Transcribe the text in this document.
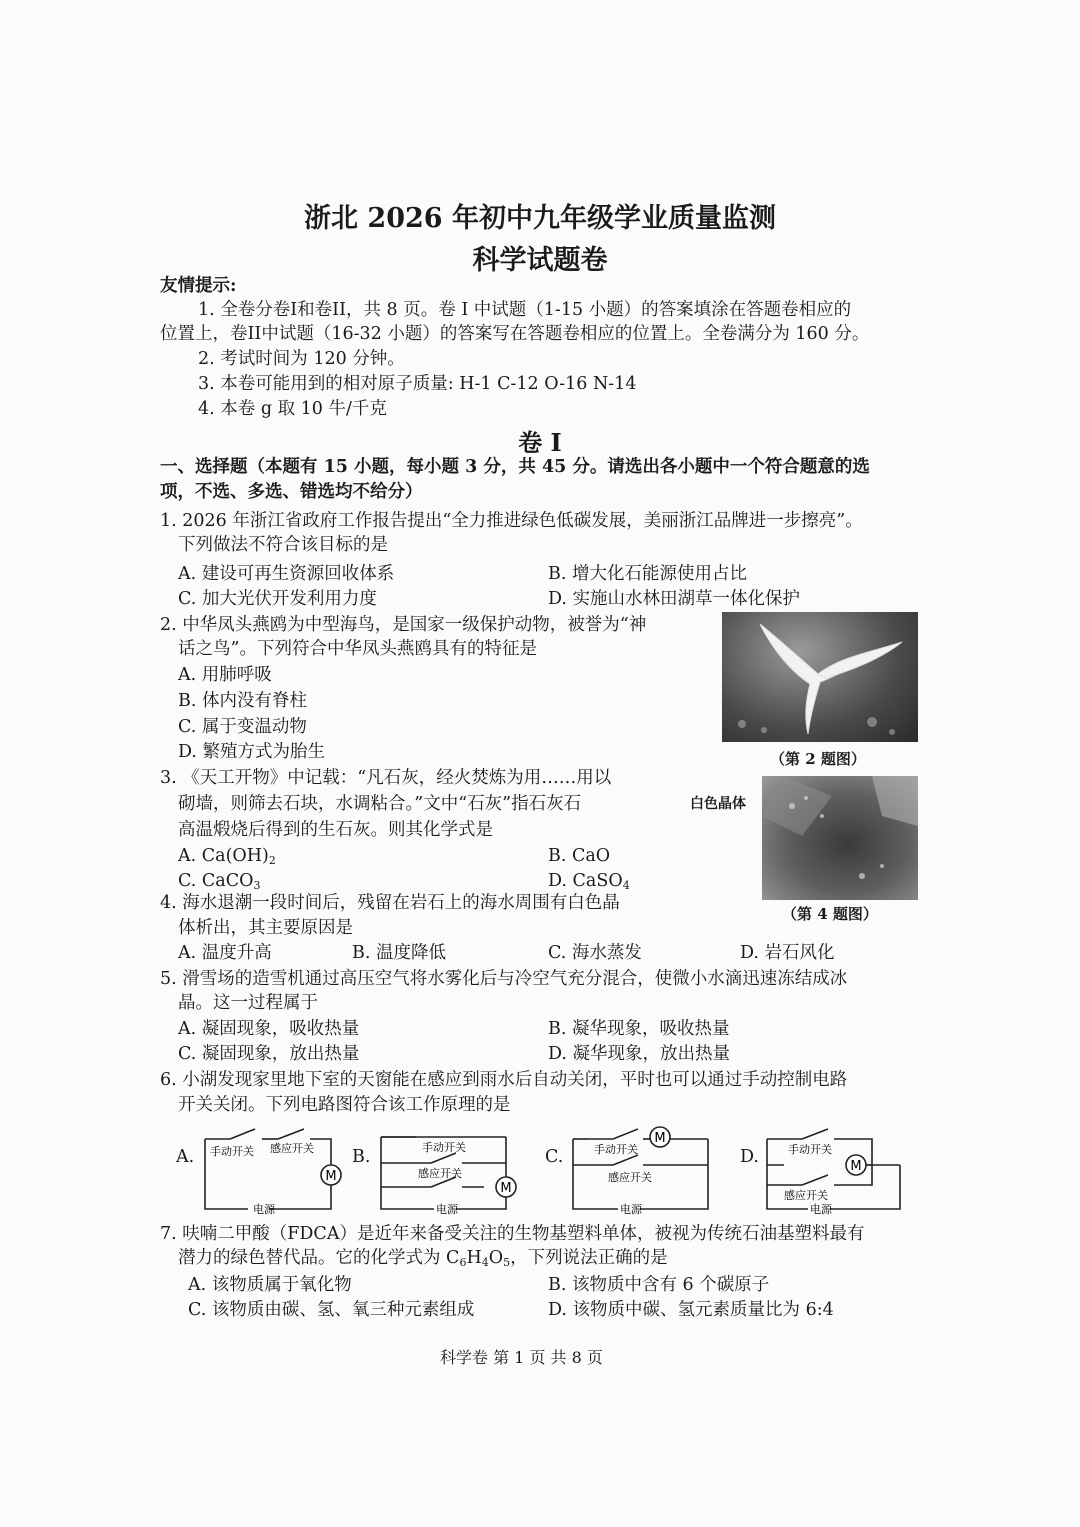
浙北 2026 年初中九年级学业质量监测
科学试题卷
友情提示:
1. 全卷分卷I和卷II，共 8 页。卷 I 中试题（1-15 小题）的答案填涂在答题卷相应的
位置上，卷II中试题（16-32 小题）的答案写在答题卷相应的位置上。全卷满分为 160 分。
2. 考试时间为 120 分钟。
3. 本卷可能用到的相对原子质量: H-1 C-12 O-16 N-14
4. 本卷 g 取 10 牛/千克
卷 I
一、选择题（本题有 15 小题，每小题 3 分，共 45 分。请选出各小题中一个符合题意的选
项，不选、多选、错选均不给分）
1. 2026 年浙江省政府工作报告提出“全力推进绿色低碳发展，美丽浙江品牌进一步擦亮”。
下列做法不符合该目标的是
A. 建设可再生资源回收体系	B. 增大化石能源使用占比
C. 加大光伏开发利用力度	D. 实施山水林田湖草一体化保护
2. 中华凤头燕鸥为中型海鸟，是国家一级保护动物，被誉为“神
话之鸟”。下列符合中华凤头燕鸥具有的特征是
A. 用肺呼吸
B. 体内没有脊柱
C. 属于变温动物
D. 繁殖方式为胎生	（第 2 题图）
3. 《天工开物》中记载：“凡石灰，经火焚炼为用……用以
砌墙，则筛去石块，水调粘合。”文中“石灰”指石灰石
高温煅烧后得到的生石灰。则其化学式是
A. $Ca(OH)_2$	B. CaO
C. CaCO$_3$	D. CaSO$_4$
白色晶体
（第 4 题图）
4. 海水退潮一段时间后，残留在岩石上的海水周围有白色晶
体析出，其主要原因是
A. 温度升高	B. 温度降低	C. 海水蒸发	D. 岩石风化
5. 滑雪场的造雪机通过高压空气将水雾化后与冷空气充分混合，使微小水滴迅速冻结成冰
晶。这一过程属于
A. 凝固现象，吸收热量	B. 凝华现象，吸收热量
C. 凝固现象，放出热量	D. 凝华现象，放出热量
6. 小湖发现家里地下室的天窗能在感应到雨水后自动关闭，平时也可以通过手动控制电路
开关关闭。下列电路图符合该工作原理的是
A.	B.	C.	D.
M
手动开关 感应开关
电源
M
手动开关
感应开关
电源
M
手动开关
感应开关
电源
M
手动开关
感应开关
电源
7. 呋喃二甲酸（FDCA）是近年来备受关注的生物基塑料单体，被视为传统石油基塑料最有
潜力的绿色替代品。它的化学式为 $C_6H_4O_5$，下列说法正确的是
A. 该物质属于氧化物	B. 该物质中含有 6 个碳原子
C. 该物质由碳、氢、氧三种元素组成	D. 该物质中碳、氢元素质量比为 6:4
科学卷 第 1 页 共 8 页
